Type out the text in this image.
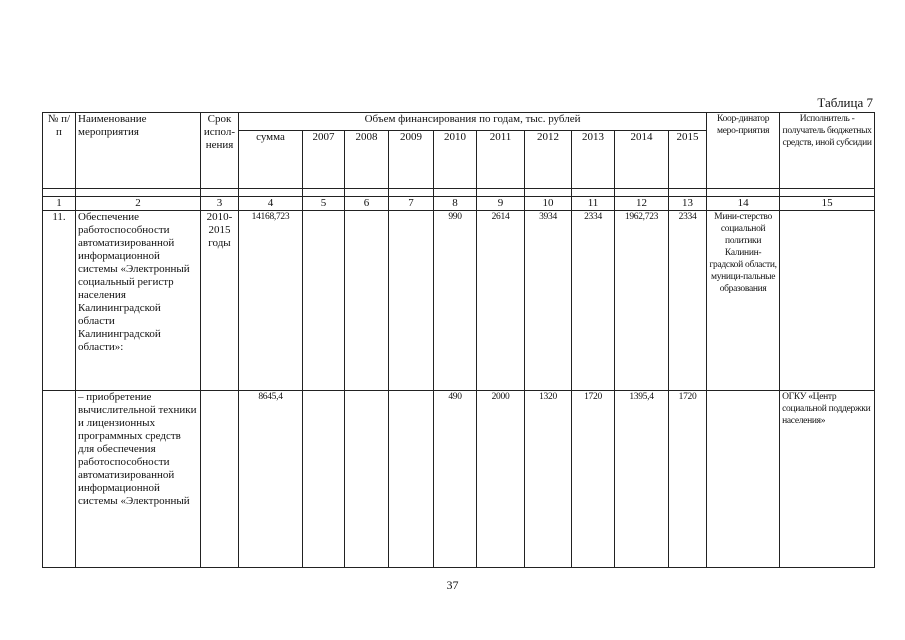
Таблица 7
№ п/п	Наименование мероприятия	Срок испол-нения	Объем финансирования по годам, тыс. рублей										Коор-динатор меро-приятия	Исполнитель - получатель бюджетных средств, иной субсидии
			сумма	2007	2008	2009	2010	2011	2012	2013	2014	2015		

1	2	3	4	5	6	7	8	9	10	11	12	13	14	15
11.	Обеспечение работоспособности автоматизированной информационной системы «Электронный социальный регистр населения Калининградской области Калининградской области»:	2010-2015 годы	14168,723				990	2614	3934	2334	1962,723	2334	Мини-стерство социальной политики Калинин-градской области, муници-пальные образования	
	– приобретение вычислительной техники и лицензионных программных средств для обеспечения работоспособности автоматизированной информационной системы «Электронный		8645,4				490	2000	1320	1720	1395,4	1720		ОГКУ «Центр социальной поддержки населения»
37
